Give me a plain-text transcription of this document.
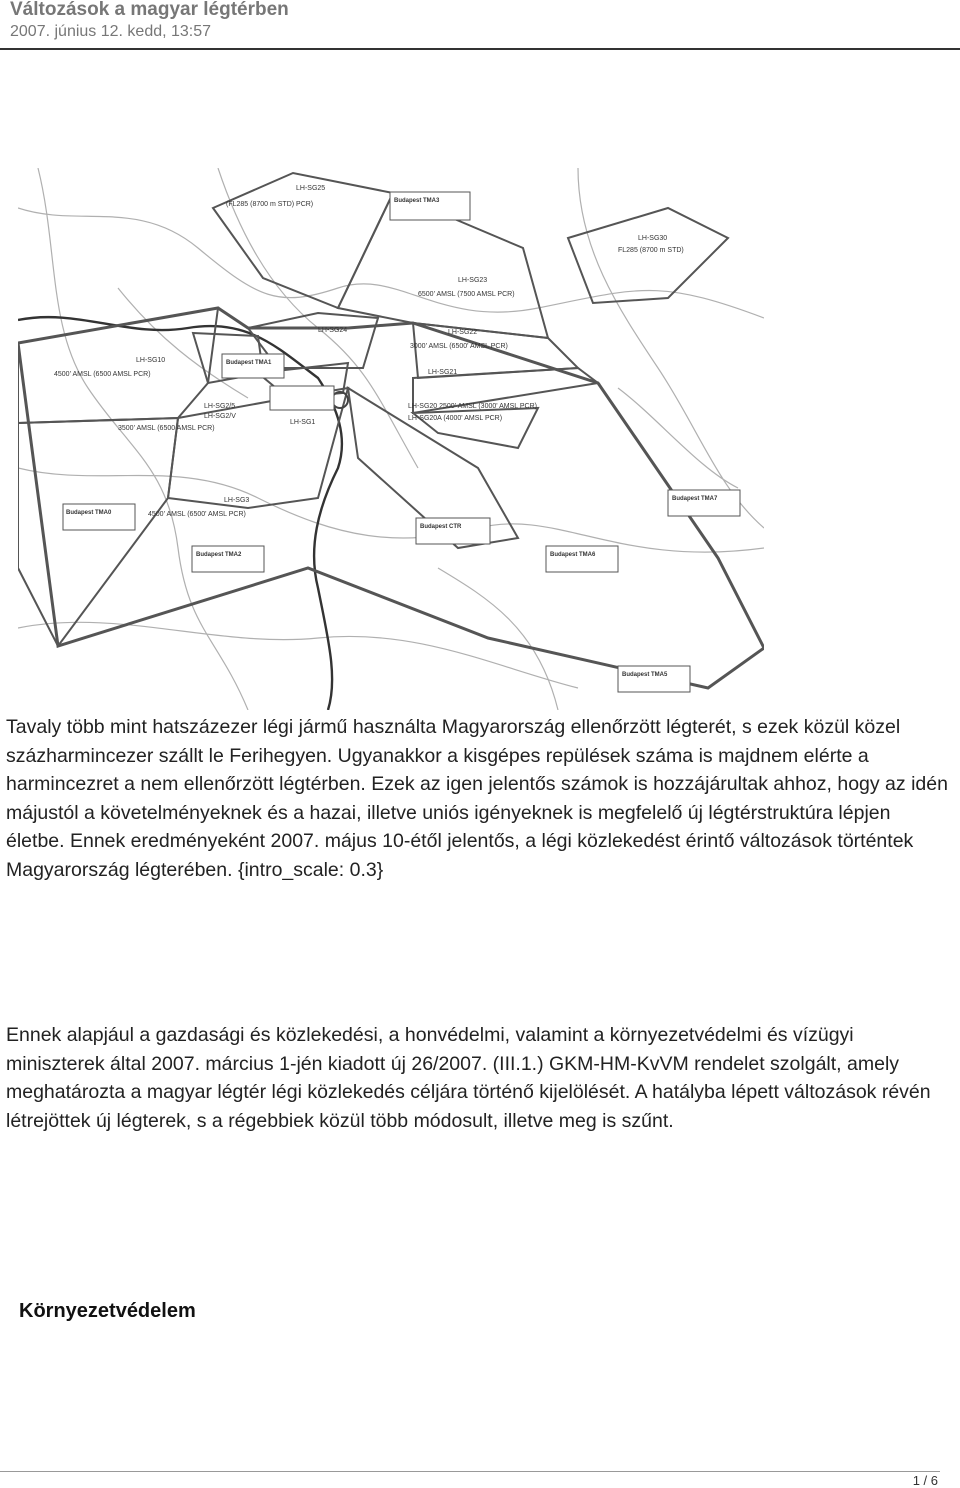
Változások a magyar légtérben
2007. június 12. kedd, 13:57
LH-SG25
(FL285 (8700 m STD) PCR)	Budapest TMA3
LH-SG30
FL285 (8700 m STD)
LH-SG23
6500' AMSL (7500 AMSL PCR)
LH-SG24	LH-SG22
3000' AMSL (6500' AMSL PCR)
LH-SG10
4500' AMSL (6500 AMSL PCR)
Budapest TMA1
LH-SG21
LH-SG2/5
LH-SG2/V
3500' AMSL (6500 AMSL PCR)
LH-SG1
LH-SG20 2500' AMSL (3000' AMSL PCR)
LH-SG20A (4000' AMSL PCR)
Budapest TMA0
LH-SG3
4500' AMSL (6500' AMSL PCR)
Budapest TMA7
Budapest CTR
Budapest TMA2	Budapest TMA6
Budapest TMA5

Tavaly több mint hatszázezer légi jármű használta Magyarország ellenőrzött légterét, s ezek közül közel százharmincezer szállt le Ferihegyen. Ugyanakkor a kisgépes repülések száma is majdnem elérte a harmincezret a nem ellenőrzött légtérben. Ezek az igen jelentős számok is hozzájárultak ahhoz, hogy az idén májustól a követelményeknek és a hazai, illetve uniós igényeknek is megfelelő új légtérstruktúra lépjen életbe. Ennek eredményeként 2007. május 10-étől jelentős, a légi közlekedést érintő változások történtek Magyarország légterében. {intro_scale: 0.3}

Ennek alapjául a gazdasági és közlekedési, a honvédelmi, valamint a környezetvédelmi és vízügyi miniszterek által 2007. március 1-jén kiadott új 26/2007. (III.1.) GKM-HM-KvVM rendelet szolgált, amely meghatározta a magyar légtér légi közlekedés céljára történő kijelölését. A hatályba lépett változások révén létrejöttek új légterek, s a régebbiek közül több módosult, illetve meg is szűnt.

Környezetvédelem
1 / 6
